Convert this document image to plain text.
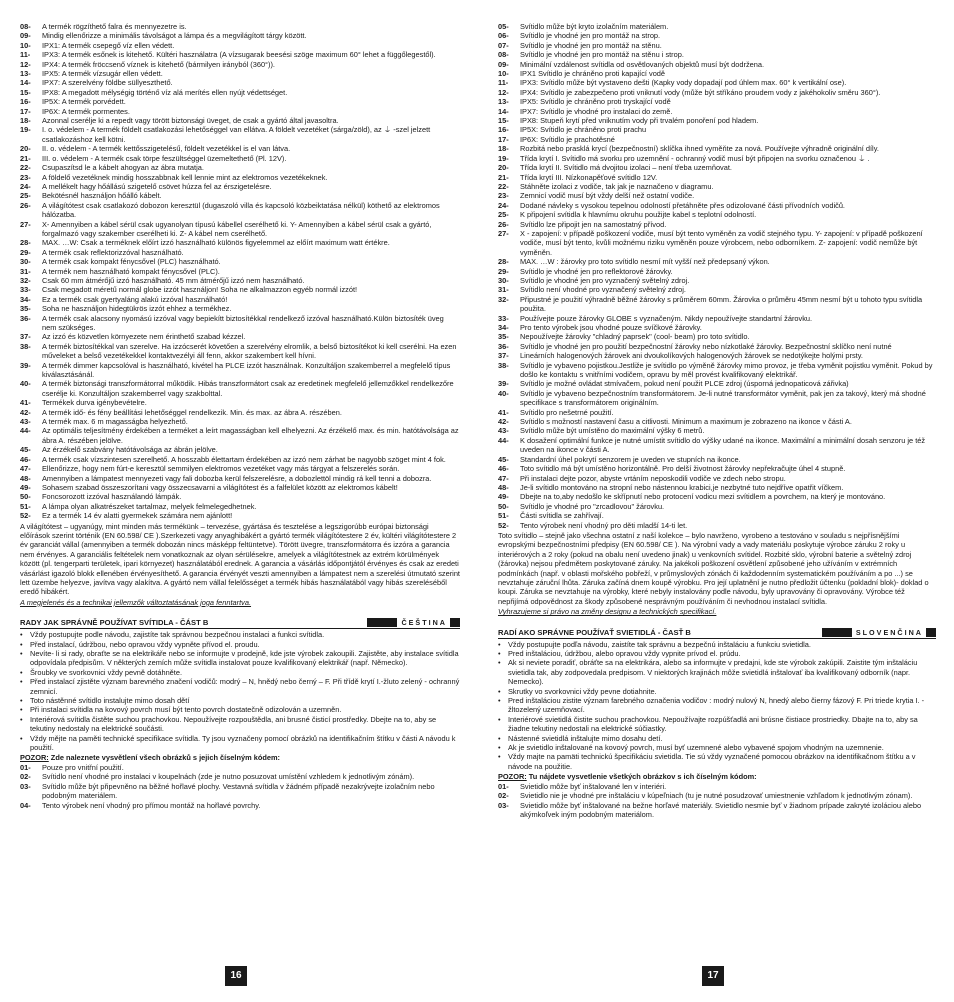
08- A termék rögzíthető falra és mennyezetre is.
09- Mindig ellenőrizze a minimális távolságot a lámpa és a megvilágított tárgy között.
10- IPX1: A termék csepegő víz ellen védett.
11- IPX3: A termék esőnek is kitehető. Kültéri használatra (A vízsugarak beesési szöge maximum 60° lehet a függőlegestől).
12- IPX4: A termék fröccsenő víznek is kitehető (bármilyen irányból (360°)).
13- IPX5: A termék vízsugár ellen védett.
14- IPX7: A szerelvény földbe süllyeszthető.
15- IPX8: A megadott mélységig történő víz alá merítés ellen nyújt védettséget.
16- IP5X: A termék porvédett.
17- IP6X: A termék pormentes.
18- Azonnal cserélje ki a repedt vagy törött biztonsági üveget, de csak a gyártó által javasoltra.
19- I. o. védelem - A termék földelt csatlakozási lehetőséggel van ellátva. A földelt vezetéket (sárga/zöld), az ⏚ -szel jelzett csatlakozáshoz kell kötni.
20- II. o. védelem - A termék kettősszigetelésű, földelt vezetékkel is el van látva.
21- III. o. védelem - A termék csak törpe feszültséggel üzemeltethető (Pl. 12V).
22- Csupaszítsd le a kábelt ahogyan az ábra mutatja.
23- A földelő vezetéknek mindig hosszabbnak kell lennie mint az elektromos vezetékeknek.
24- A mellékelt hagy hőállású szigetelő csövet húzza fel az érszigetelésre.
25- Bekötésnél használjon hőálló kábelt.
26- A világítótest csak csatlakozó dobozon keresztül (dugaszoló villa és kapcsoló közbeiktatása nélkül) köthető az elektromos hálózatba.
27- X- Amennyiben a kábel sérül csak ugyanolyan típusú kábellel cserélhető ki. Y- Amennyiben a kábel sérül csak a gyártó, forgalmazó vagy szakember cserélheti ki. Z- A kábel nem cserélhető.
28- MAX. …W: Csak a terméknek előírt izzó használható különös figyelemmel az előírt maximum watt értékre.
29- A termék csak reflektorizzóval használható.
30- A termék csak kompakt fénycsővel (PLC) használható.
31- A termék nem használható kompakt fénycsővel (PLC).
32- Csak 60 mm átmérőjű izzó használható. 45 mm átmérőjű izzó nem használható.
33- Csak megadott méretű normál globe izzót használjon! Soha ne alkalmazzon egyéb normál izzót!
34- Ez a termék csak gyertyaláng alakú izzóval használható!
35- Soha ne használjon hidegtükrös izzót ehhez a termékhez.
36- A termék csak alacsony nyomású izzóval vagy bepiekítt biztosítékkal rendelkező izzóval használható.Külön biztosíték üveg nem szükséges.
37- Az izzó és közvetlen környezete nem érinthető szabad kézzel.
38- A termék biztosítékkal van szerelve. Ha izzócserét követően a szerelvény elromlik, a belső biztosítékot ki kell cserélni. Ha ezen műveleket a belső vezetékekkel kontaktvezélyi áll fenn, akkor szakembert kell hívni.
39- A termék dimmer kapcsolóval is használható, kivétel ha PLCE izzót használnak. Konzultáljon szakemberrel a megfelelő típus kiválasztásánál.
40- A termék biztonsági transzformátorral működik. Hibás transzformátort csak az eredetinek megfelelő jellemzőkkel rendelkezőre cserélje ki. Konzultáljon szakemberrel vagy szakbolttal.
41- Termékek durva igénybevételre.
42- A termék idő- és fény beállítási lehetőséggel rendelkezik. Min. és max. az ábra A. részében.
43- A termék max. 6 m magasságba helyezhető.
44- Az optimális teljesítmény érdekében a terméket a leírt magasságban kell elhelyezni. Az érzékelő max. és min. hatótávolsága az ábra A. részében jelölve.
45- Az érzékelő szabvány hatótávolsága az ábrán jelölve.
46- A termék csak vízszintesen szerelhető. A hosszabb élettartam érdekében az izzó nem zárhat be nagyobb szöget mint 4 fok.
47- Ellenőrizze, hogy nem fúrt-e keresztül semmilyen elektromos vezetéket vagy más tárgyat a felszerelés során.
48- Amennyiben a lámpatest mennyezeti vagy fali dobozba kerül felszerelésre, a dobozlettöl mindig rá kell tenni a dobozra.
49- Sohasem szabad összeszorítani vagy összecsavarni a világítótest és a falfelület között az elektromos kábelt!
50- Foncsorozott izzóval használandó lámpák.
51- A lámpa olyan alkatrészeket tartalmaz, melyek felmelegedhetnek.
52- Ez a termék 14 év alatti gyermekek számára nem ajánlott!
A világítótest – ugyanúgy, mint minden más termékünk – tervezése, gyártása és tesztelése a legszigorúbb európai biztonsági előírások szerint történik (EN 60.598/ CE ).Szerkezeti vagy anyaghibákért a gyártó termék világítótestere 2 év, kültéri világítótestere 2 év garanciát vállal (amennyiben a termék dobozán nincs másképp feltüntetve). Törött üvegre, transzformátorra és izzóra a garancia nem érvényes. A garanciális feltételek nem vonatkoznak az olyan sérülésekre, amelyek a világítótestnek az extrém körülmények között (pl. tengerparti területek, ipari környezet) használatából erednek. A garancia a vásárlás időpontjától érvényes és csak az eredeti vásárlást igazoló blokk ellenében érvényesíthető. A garancia érvényét veszti amennyiben a lámpatest nem a szerelési útmutató szerint lett üzembe helyezve, javítva vagy alakítva. A gyártó nem vállal felelősséget a termék hibás használatából vagy hibás szereléséből eredő hibákért.
A megjelenés és a technikai jellemzők változtatásának joga fenntartva.
RADY JAK SPRÁVNĚ POUŽÍVAT SVÍTIDLA - ČÁST B	ČEŠTINA
• Vždy postupujte podle návodu, zajistíte tak správnou bezpečnou instalaci a funkci svítidla.
• Před instalací, údržbou, nebo opravou vždy vypněte přívod el. proudu.
• Nevíte- li si rady, obraťte se na elektrikáře nebo se informujte v prodejně, kde jste výrobek zakoupili. Zajistěte, aby instalace svítidla odpovídala předpisům. V některých zemích může svítidla instalovat pouze kvalifikovaný elektrikář (např. Německo).
• Šroubky ve svorkovnici vždy pevně dotáhněte.
• Před instalací zjistěte význam barevného značení vodičů: modrý – N, hnědý nebo černý – F. Při třídě krytí I.-žluto zelený - ochranný zemnicí.
• Toto nástěnné svítidlo instalujte mimo dosah dětí
• Při instalaci svítidla na kovový povrch musí být tento povrch dostatečně odizolován a uzemněn.
• Interiérová svítidla čistěte suchou prachovkou. Nepoužívejte rozpouštědla, ani brusné čisticí prostředky. Dbejte na to, aby se tekutiny nedostaly na elektrické součásti.
• Vždy mějte na paměti technické specifikace svítidla. Ty jsou vyznačeny pomocí obrázků na identifikačním štítku v části A návodu k použití.
POZOR: Zde naleznete vysvětlení všech obrázků s jejich číselným kódem:
01- Pouze pro vnitřní použití.
02- Svítidlo není vhodné pro instalaci v koupelnách (zde je nutno posuzovat umístění vzhledem k jednotlivým zónám).
03- Svítidlo může být připevněno na běžné hořlavé plochy. Vestavná svítidla v žádném případě nezakrývejte izolačním nebo podobným materiálem.
04- Tento výrobek není vhodný pro přímou montáž na hořlavé povrchy.
05- Svítidlo může být kryto izolačním materiálem.
06- Svítidlo je vhodné jen pro montáž na strop.
07- Svítidlo je vhodné jen pro montáž na stěnu.
08- Svítidlo je vhodné jen pro montáž na stěnu i strop.
09- Minimální vzdálenost svítidla od osvětlovaných objektů musí být dodržena.
10- IPX1 Svítidlo je chráněno proti kapající vodě
11- IPX3: Svítidlo může být vystaveno dešti (Kapky vody dopadají pod úhlem max. 60° k vertikální ose).
12- IPX4: Svítidlo je zabezpečeno proti vniknutí vody (může být stříkáno proudem vody z jakéhokoliv směru 360°).
13- IPX5: Svítidlo je chráněno proti tryskající vodě
14- IPX7: Svítidlo je vhodné pro instalaci do země.
15- IPX8: Stupeň krytí před vniknutím vody při trvalém ponoření pod hladem.
16- IP5X: Svítidlo je chráněno proti prachu
17- IP6X: Svítidlo je prachotěsné
18- Rozbitá nebo prasklá krycí (bezpečnostní) sklíčka ihned vyměňte za nová. Používejte výhradně originální díly.
19- Třída krytí I. Svítidlo má svorku pro uzemnění - ochranný vodič musí být připojen na svorku označenou ⏚ .
20- Třída krytí II. Svítidlo má dvojitou izolaci – není třeba uzemňovat.
21- Třída krytí III. Nízkonapěťové svítidlo 12V.
22- Stáhněte izolaci z vodiče, tak jak je naznačeno v diagramu.
23- Zemnicí vodič musí být vždy delší než ostatní vodiče.
24- Dodané návleky s vysokou tepelnou odolností přetáhněte přes odizolované části přívodních vodičů.
25- K připojení svítidla k hlavnímu okruhu použijte kabel s teplotní odolností.
26- Svítidlo lze připojit jen na samostatný přívod.
27- X - zapojení: v případě poškození vodiče, musí být tento vyměněn za vodič stejného typu. Y- zapojení: v případě poškození vodiče, musí být tento, kvůli možnému riziku vyměněn pouze výrobcem, nebo odborníkem. Z- zapojení: vodič nemůže být vyměněn.
28- MAX. …W : žárovky pro toto svítidlo nesmí mít vyšší než předepsaný výkon.
29- Svítidlo je vhodné jen pro reflektorové žárovky.
30- Svítidlo je vhodné jen pro vyznačený světelný zdroj.
31- Svítidlo není vhodné pro vyznačený světelný zdroj.
32- Připustné je použití výhradně běžné žárovky s průměrem 60mm. Žárovka o průměru 45mm nesmí být u tohoto typu svítidla použita.
33- Používejte pouze žárovky GLOBE s vyznačeným. Nikdy nepoužívejte standartní žárovku.
34- Pro tento výrobek jsou vhodné pouze svíčkové žárovky.
35- Nepoužívejte žárovky "chladný paprsek" (cool- beam) pro toto svítidlo.
36- Svítidlo je vhodné jen pro použití bezpečnostní žárovky nebo nízkotlaké žárovky. Bezpečnostní sklíčko není nutné
37- Lineárních halogenových žárovek ani dvoukolíkových halogenových žárovek se nedotýkejte holými prsty.
38- Svítidlo je vybaveno pojistkou.Jestliže je svítidlo po výměně žárovky mimo provoz, je třeba vyměnit pojistku vyměnit. Pokud by došlo ke kontaktu s vnitřními vodičem, opravu by měl provést kvalifikovaný elektrikář.
39- Svítidlo je možné ovládat stmívačem, pokud není použit PLCE zdroj (úsporná jednopaticová zářivka)
40- Svítidlo je vybaveno bezpečnostním transformátorem. Je-li nutné transformátor vyměnit, pak jen za takový, který má shodné specifikace s transformátorem originálním.
41- Svítidlo pro nešetrné použití.
42- Svítidlo s možností nastavení času a citlivosti. Minimum a maximum je zobrazeno na ikonce v části A.
43- Svítidlo může být umístěno do maximální výšky 6 metrů.
44- K dosažení optimální funkce je nutné umístit svítidlo do výšky udané na ikonce. Maximální a minimální dosah senzoru je též uveden na ikonce v části A.
45- Standardní úhel pokrytí senzorem je uveden ve stupních na ikonce.
46- Toto svítidlo má být umístěno horizontálně. Pro delší životnost žárovky nepřekračujte úhel 4 stupně.
47- Při instalaci dejte pozor, abyste vrtáním neposkodili vodiče ve zdech nebo stropu.
48- Je-li svítidlo montováno na stropní nebo nástennou krabici,je nezbytné tuto nejdříve opatřit víčkem.
49- Dbejte na to,aby nedošlo ke skřípnutí nebo protocení vodicu mezi svítidlem a povrchem, na který je montováno.
50- Svítidlo je vhodné pro "zrcadlovou" žárovku.
51- Části svítidla se zahřívají.
52- Tento výrobek není vhodný pro děti mladší 14-ti let.
Toto svítidlo – stejně jako všechna ostatní z naší kolekce – bylo navrženo, vyrobeno a testováno v souladu s nejpřísnějšími evropskými bezpečnostními předpisy (EN 60.598/ CE ). Na výrobní vady a vady materiálu poskytuje výrobce záruku 2 roky u interiérových a 2 roky (pokud na obalu není uvedeno jinak) u venkovních svítidel. Rozbité sklo, výrobní baterie a světelný zdroj (žárovka) nejsou předmětem poskytované záruky. Na jakékoli poškození osvětlení způsobené jeho užíváním v extrémních podmínkách (např. v oblasti mořského pobřeží, v průmyslových zónách či každodenním systematickém používáním a po ...) se nevztahuje záruční lhůta. Záruka začíná dnem koupě výrobku. Pro její uplatnění je nutno předložit účtenku (pokladní blok)- doklad o koupi. Záruka se nevztahuje na výrobky, které nebyly instalovány podle návodu, byly upravovány či opravovány. Výrobce též nepřijímá odpovědnost za škody způsobené nesprávným používáním či nevhodnou instalací svítidla.
Vyhrazujeme si právo na změny designu a technických specifikací.
RADÍ AKO SPRÁVNE POUŽÍVAŤ SVIETIDLÁ - ČASŤ B	SLOVENČINA
• Vždy postupujte podľa návodu, zaistíte tak správnu a bezpečnú inštaláciu a funkciu svietidla.
• Pred inštaláciou, údržbou, alebo opravou vždy vypnite prívod el. prúdu.
• Ak si neviete poradiť, obráťte sa na elektrikára, alebo sa informujte v predajni, kde ste výrobok zakúpili. Zaistite tým inštaláciu svietidla tak, aby zodpovedala predpisom. V niektorých krajinách môže svietidlá inštalovať iba kvalifikovaný odborník (napr. Nemecko).
• Skrutky vo svorkovnici vždy pevne dotiahnite.
• Pred inštaláciou zistite význam farebného označenia vodičov : modrý nulový N, hnedý alebo čierny fázový F. Pri triede krytia I. - žltozelený uzemňovací.
• Interiérové svietidlá čistite suchou prachovkou. Nepoužívajte rozpúšťadlá ani brúsne čistiace prostriedky. Dbajte na to, aby sa žiadne tekutiny nedostali na elektrické súčiastky.
• Nástenné svietidlá inštalujte mimo dosahu detí.
• Ak je svietidlo inštalované na kovový povrch, musí byť uzemnené alebo vybavené spojom vhodným na uzemnenie.
• Vždy majte na pamäti technickú špecifikáciu svietidla. Tie sú vždy vyznačené pomocou obrázkov na identifikačnom štítku a v návode na použitie.
POZOR: Tu nájdete vysvetlenie všetkých obrázkov s ich číselným kódom:
01- Svietidlo môže byť inštalované len v interiéri.
02- Svietidlo nie je vhodné pre inštaláciu v kúpeľniach (tu je nutné posudzovať umiestnenie vzhľadom k jednotlivým zónam).
03- Svietidlo môže byť inštalované na bežne horľavé materiály. Svietidlo nesmie byť v žiadnom prípade zakryté izoláciou alebo akýmkoľvek iným podobným materiálom.
16	17
